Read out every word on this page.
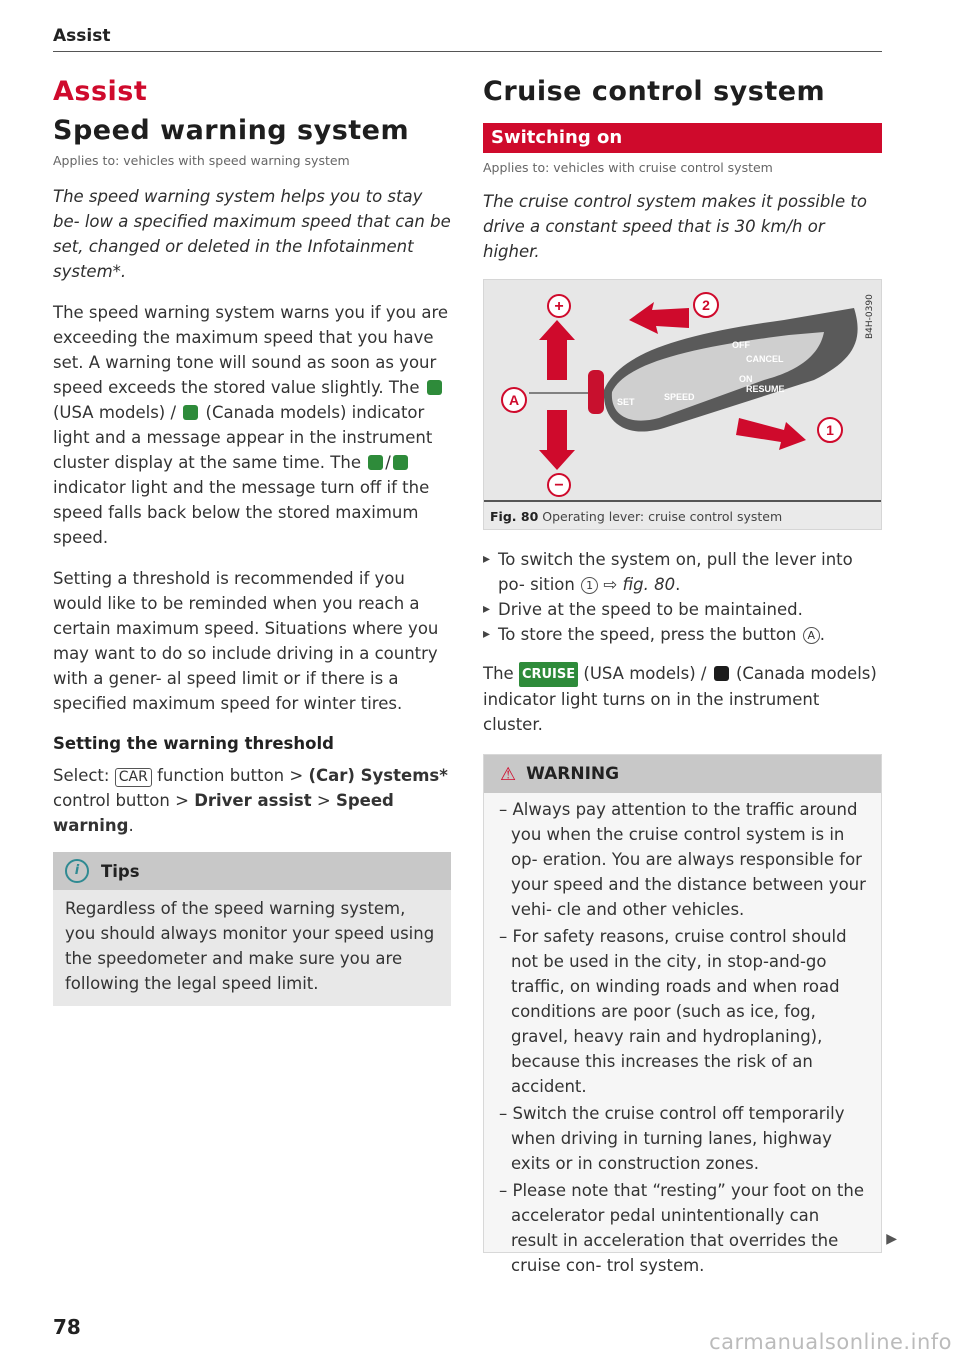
Assist
Assist
Speed warning system

Applies to: vehicles with speed warning system

The speed warning system helps you to stay be- low a specified maximum speed that can be set, changed or deleted in the Infotainment system*.

The speed warning system warns you if you are exceeding the maximum speed that you have set. A warning tone will sound as soon as your speed exceeds the stored value slightly. The  (USA models) / (Canada models) indicator light and a message appear in the instrument cluster display at the same time. The / indicator light and the message turn off if the speed falls back below the stored maximum speed.

Setting a threshold is recommended if you would like to be reminded when you reach a certain maximum speed. Situations where you may want to do so include driving in a country with a gener- al speed limit or if there is a specified maximum speed for winter tires.

Setting the warning threshold

Select: CAR function button > (Car) Systems*
control button > Driver assist > Speed warning.

i	Tips
Regardless of the speed warning system, you should always monitor your speed using the speedometer and make sure you are following the legal speed limit.
Cruise control system
Switching on

Applies to: vehicles with cruise control system

The cruise control system makes it possible to drive a constant speed that is 30 km/h or higher.

+
−
A
2
1
OFF
CANCEL
ON
RESUME
SPEED
SET
B4H-0390
Fig. 80 Operating lever: cruise control system
▸ To switch the system on, pull the lever into po- sition 1 ⇨ fig. 80.
▸ Drive at the speed to be maintained.
▸ To store the speed, press the button A .

The CRUISE (USA models) / (Canada models) indicator light turns on in the instrument cluster.

⚠ WARNING
– Always pay attention to the traffic around you when the cruise control system is in op- eration. You are always responsible for your speed and the distance between your vehi- cle and other vehicles.
– For safety reasons, cruise control should not be used in the city, in stop-and-go traffic, on winding roads and when road conditions are poor (such as ice, fog, gravel, heavy rain and hydroplaning), because this increases the risk of an accident.
– Switch the cruise control off temporarily when driving in turning lanes, highway exits or in construction zones.
– Please note that “resting” your foot on the accelerator pedal unintentionally can result in acceleration that overrides the cruise con- trol system.
▶
78
carmanualsonline.info
